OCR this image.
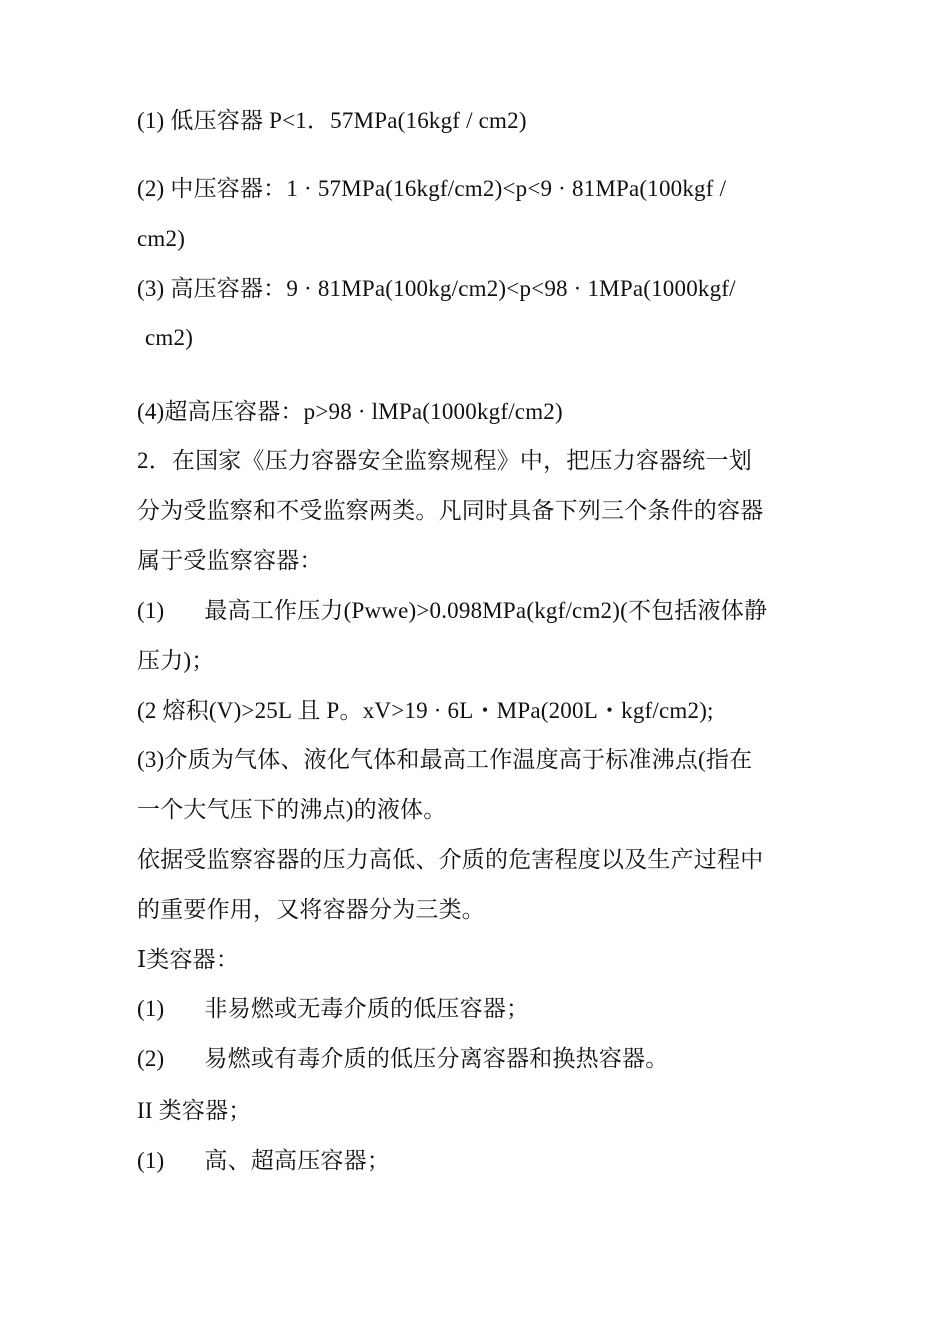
(1) 低压容器 P<1．57MPa(16kgf / cm2)
(2) 中压容器：1 · 57MPa(16kgf/cm2)<p<9 · 81MPa(100kgf /
cm2)
(3) 高压容器：9 · 81MPa(100kg/cm2)<p<98 · 1MPa(1000kgf/
cm2)
(4)超高压容器：p>98 · lMPa(1000kgf/cm2)
2．在国家《压力容器安全监察规程》中，把压力容器统一划
分为受监察和不受监察两类。凡同时具备下列三个条件的容器
属于受监察容器：
(1) 最高工作压力(Pwwe)>0.098MPa(kgf/cm2)(不包括液体静
压力)；
(2 熔积(V)>25L 且 P。xV>19 · 6L・MPa(200L・kgf/cm2);
(3)介质为气体、液化气体和最高工作温度高于标准沸点(指在
一个大气压下的沸点)的液体。
依据受监察容器的压力高低、介质的危害程度以及生产过程中
的重要作用，又将容器分为三类。
Ⅰ类容器：
(1) 非易燃或无毒介质的低压容器；
(2) 易燃或有毒介质的低压分离容器和换热容器。
II 类容器；
(1) 高、超高压容器；
